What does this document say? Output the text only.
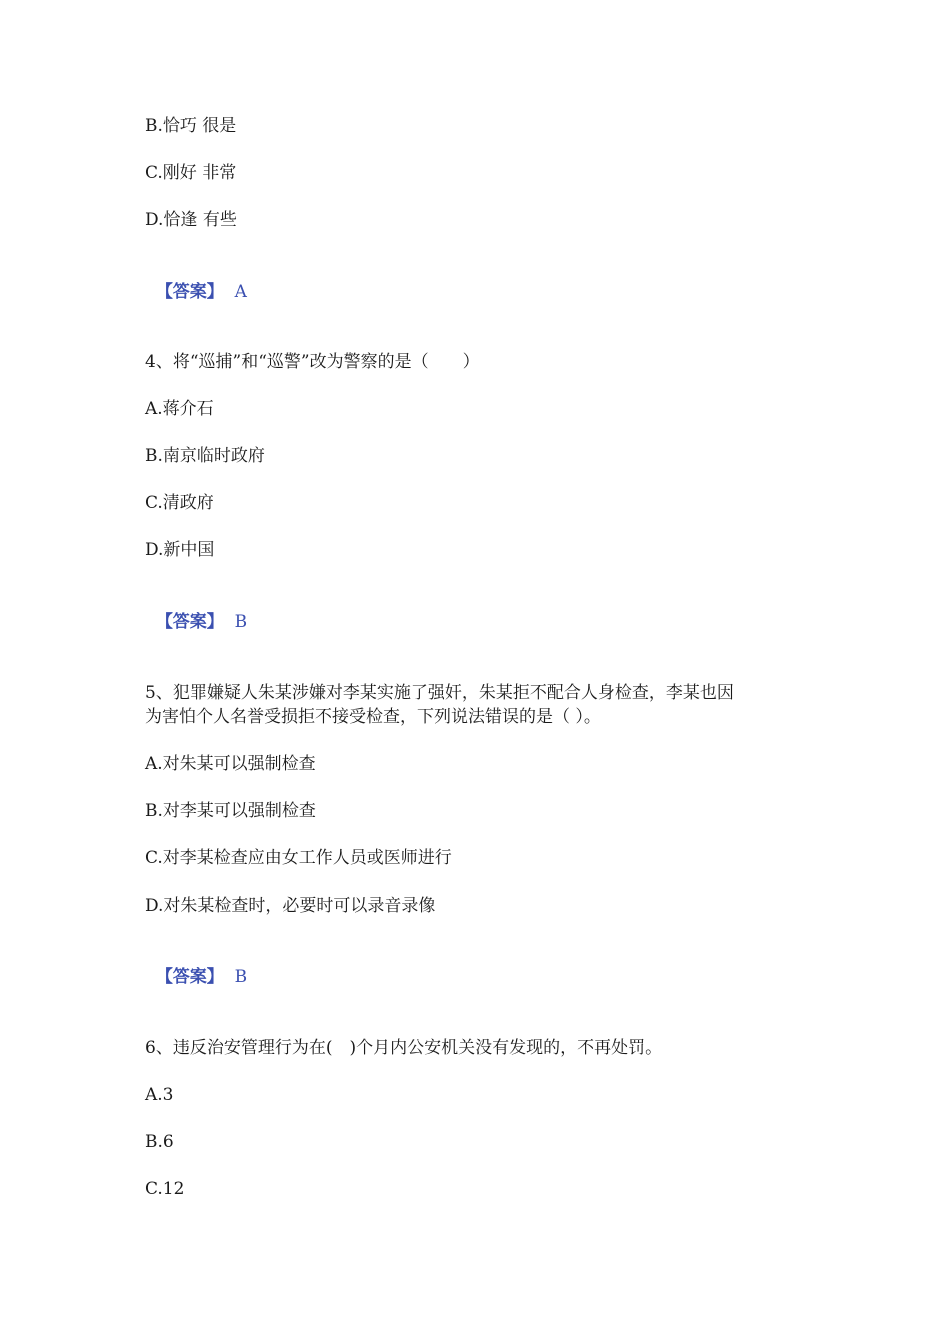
B.恰巧 很是
C.刚好 非常
D.恰逢 有些

【答案】 A

4、将“巡捕”和“巡警”改为警察的是（　　）
A.蒋介石
B.南京临时政府
C.清政府
D.新中国

【答案】 B

5、犯罪嫌疑人朱某涉嫌对李某实施了强奸，朱某拒不配合人身检查，李某也因
为害怕个人名誉受损拒不接受检查，下列说法错误的是（ ）。
A.对朱某可以强制检查
B.对李某可以强制检查
C.对李某检查应由女工作人员或医师进行
D.对朱某检查时，必要时可以录音录像

【答案】 B

6、违反治安管理行为在(　)个月内公安机关没有发现的，不再处罚。
A.3
B.6
C.12
